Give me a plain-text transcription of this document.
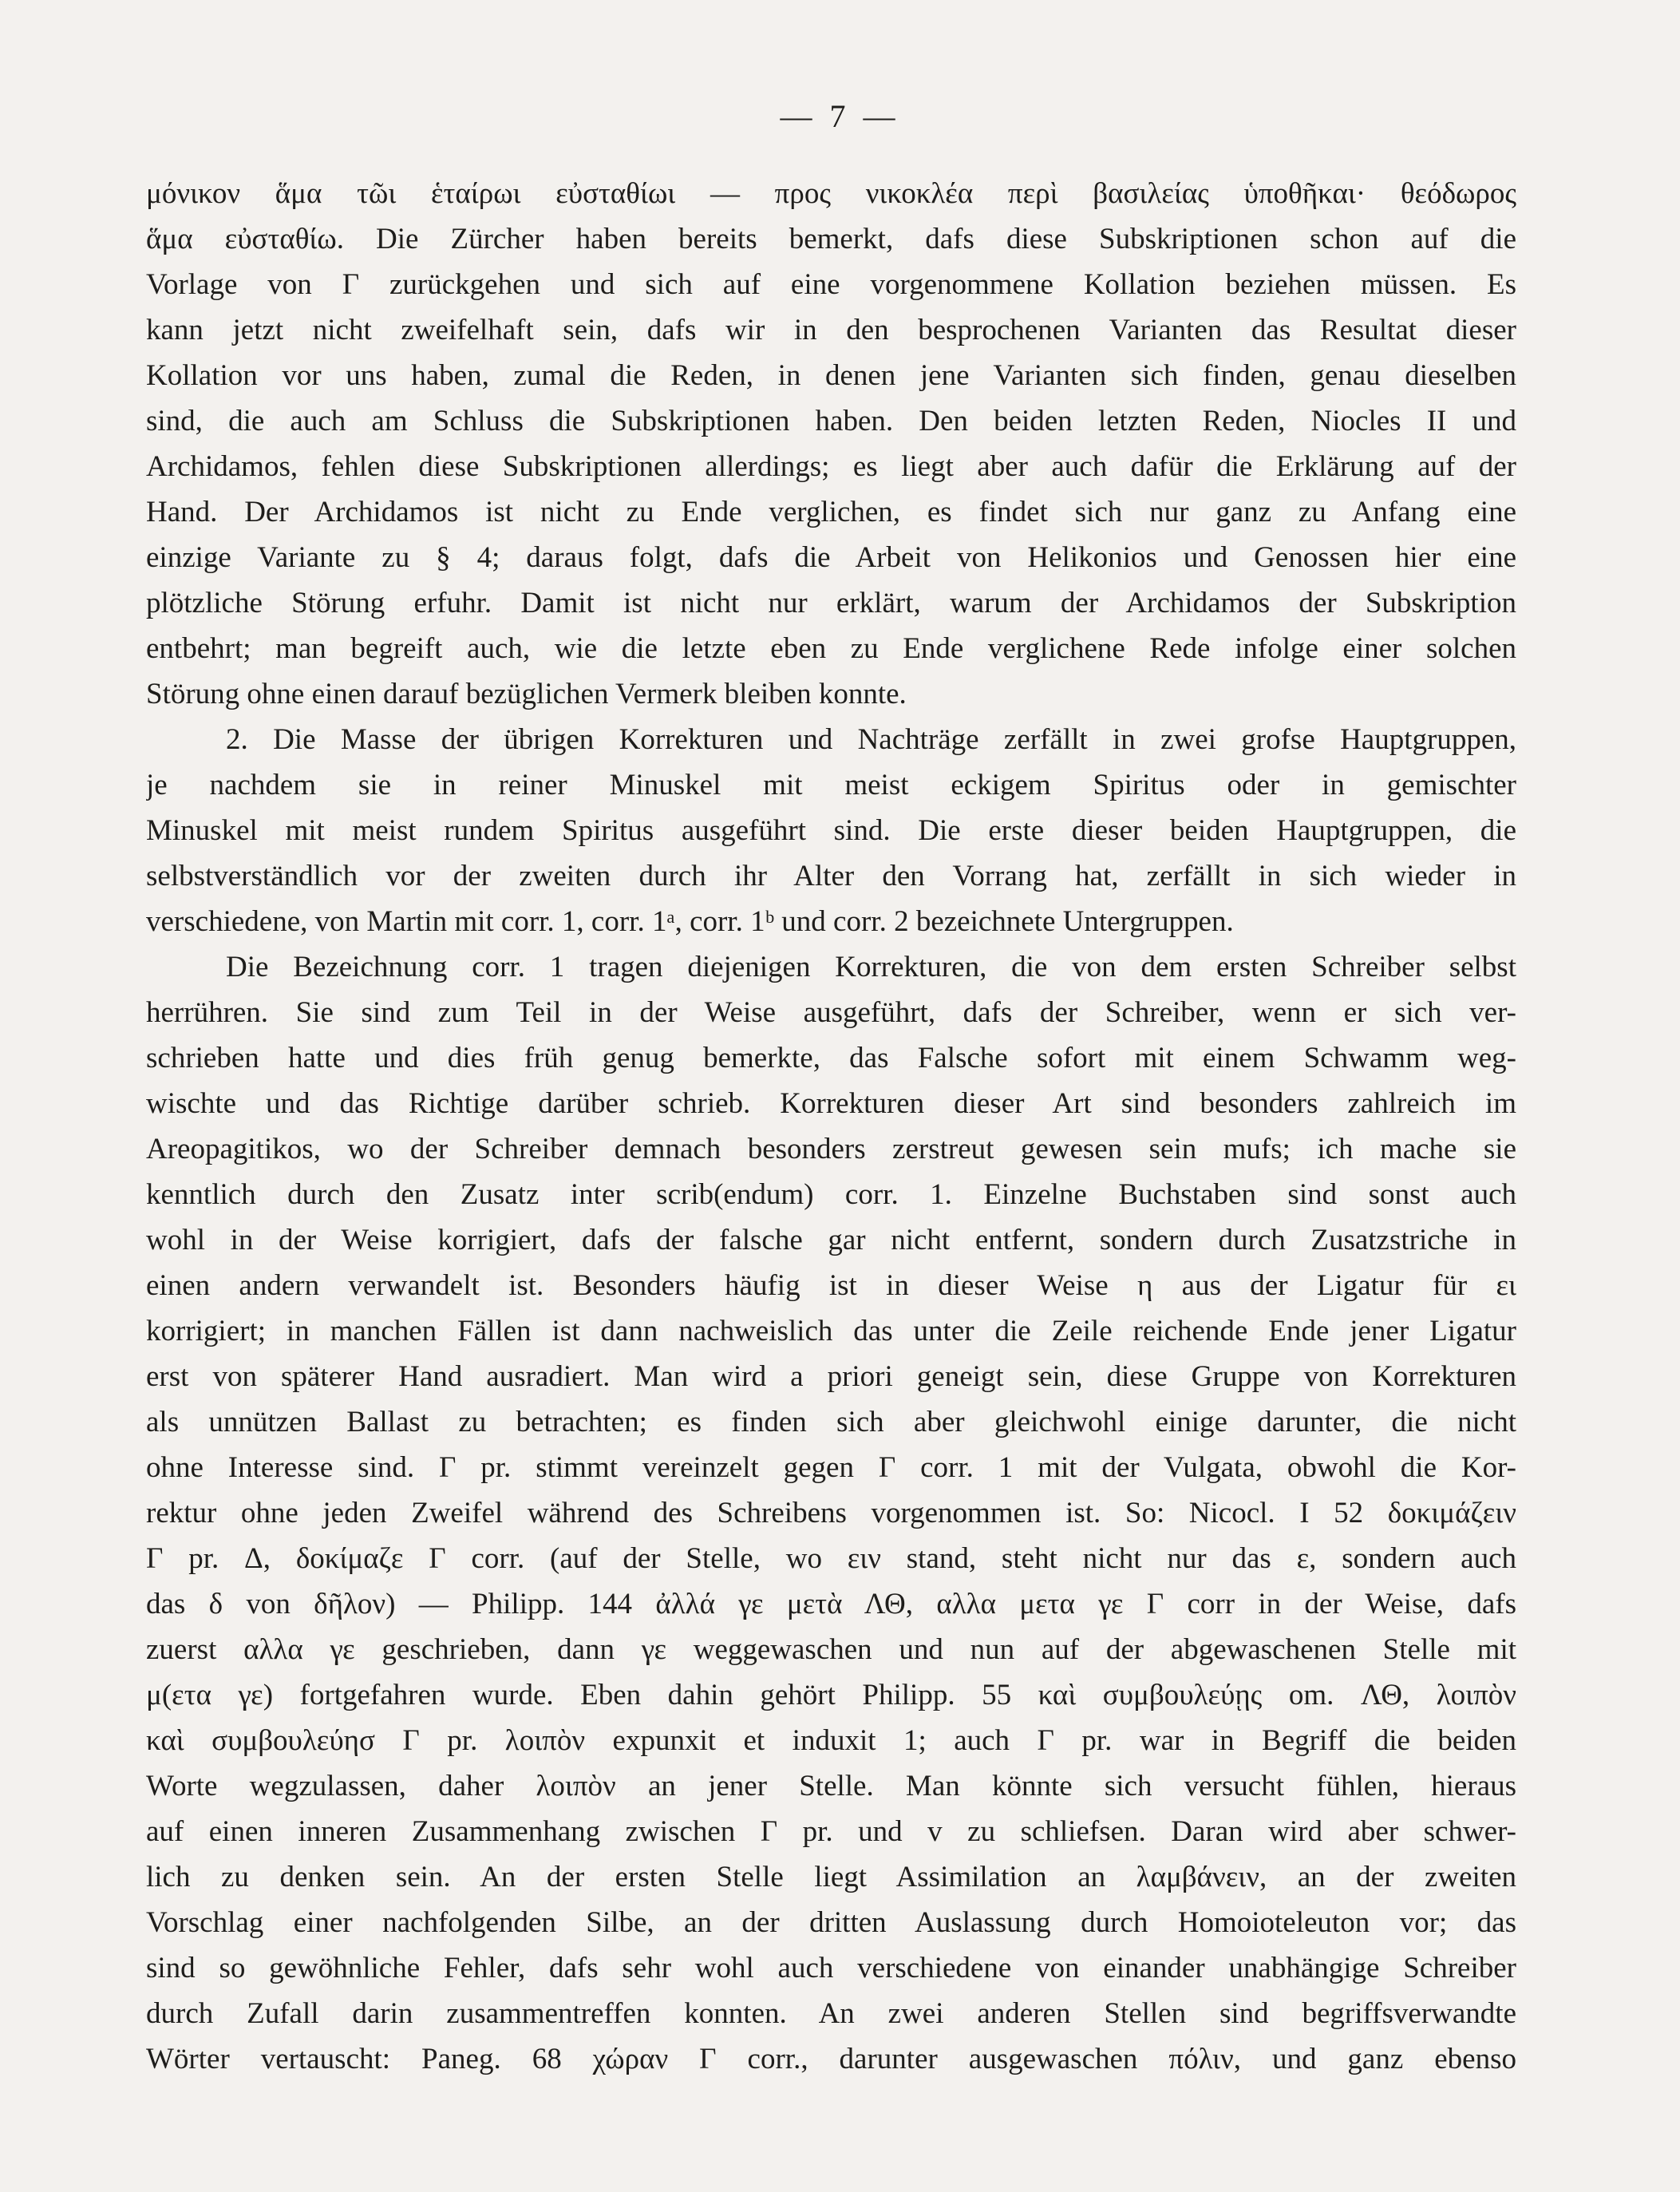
— 7 —
μόνικον ἅμα τῶι ἑταίρωι εὐσταθίωι — προς νικοκλέα περὶ βασιλείας ὑποθῆκαι· θεόδωρος
ἅμα εὐσταθίω. Die Zürcher haben bereits bemerkt, dafs diese Subskriptionen schon auf die
Vorlage von Γ zurückgehen und sich auf eine vorgenommene Kollation beziehen müssen. Es
kann jetzt nicht zweifelhaft sein, dafs wir in den besprochenen Varianten das Resultat dieser
Kollation vor uns haben, zumal die Reden, in denen jene Varianten sich finden, genau dieselben
sind, die auch am Schluss die Subskriptionen haben. Den beiden letzten Reden, Niocles II und
Archidamos, fehlen diese Subskriptionen allerdings; es liegt aber auch dafür die Erklärung auf der
Hand. Der Archidamos ist nicht zu Ende verglichen, es findet sich nur ganz zu Anfang eine
einzige Variante zu § 4; daraus folgt, dafs die Arbeit von Helikonios und Genossen hier eine
plötzliche Störung erfuhr. Damit ist nicht nur erklärt, warum der Archidamos der Subskription
entbehrt; man begreift auch, wie die letzte eben zu Ende verglichene Rede infolge einer solchen
Störung ohne einen darauf bezüglichen Vermerk bleiben konnte.
2. Die Masse der übrigen Korrekturen und Nachträge zerfällt in zwei grofse Hauptgruppen,
je nachdem sie in reiner Minuskel mit meist eckigem Spiritus oder in gemischter
Minuskel mit meist rundem Spiritus ausgeführt sind. Die erste dieser beiden Hauptgruppen, die
selbstverständlich vor der zweiten durch ihr Alter den Vorrang hat, zerfällt in sich wieder in
verschiedene, von Martin mit corr. 1, corr. 1ᵃ, corr. 1ᵇ und corr. 2 bezeichnete Untergruppen.
Die Bezeichnung corr. 1 tragen diejenigen Korrekturen, die von dem ersten Schreiber selbst
herrühren. Sie sind zum Teil in der Weise ausgeführt, dafs der Schreiber, wenn er sich ver-
schrieben hatte und dies früh genug bemerkte, das Falsche sofort mit einem Schwamm weg-
wischte und das Richtige darüber schrieb. Korrekturen dieser Art sind besonders zahlreich im
Areopagitikos, wo der Schreiber demnach besonders zerstreut gewesen sein mufs; ich mache sie
kenntlich durch den Zusatz inter scrib(endum) corr. 1. Einzelne Buchstaben sind sonst auch
wohl in der Weise korrigiert, dafs der falsche gar nicht entfernt, sondern durch Zusatzstriche in
einen andern verwandelt ist. Besonders häufig ist in dieser Weise η aus der Ligatur für ει
korrigiert; in manchen Fällen ist dann nachweislich das unter die Zeile reichende Ende jener Ligatur
erst von späterer Hand ausradiert. Man wird a priori geneigt sein, diese Gruppe von Korrekturen
als unnützen Ballast zu betrachten; es finden sich aber gleichwohl einige darunter, die nicht
ohne Interesse sind. Γ pr. stimmt vereinzelt gegen Γ corr. 1 mit der Vulgata, obwohl die Kor-
rektur ohne jeden Zweifel während des Schreibens vorgenommen ist. So: Nicocl. I 52 δοκιμάζειν
Γ pr. Δ, δοκίμαζε Γ corr. (auf der Stelle, wo ειν stand, steht nicht nur das ε, sondern auch
das δ von δῆλον) — Philipp. 144 ἀλλά γε μετὰ ΛΘ, αλλα μετα γε Γ corr in der Weise, dafs
zuerst αλλα γε geschrieben, dann γε weggewaschen und nun auf der abgewaschenen Stelle mit
μ(ετα γε) fortgefahren wurde. Eben dahin gehört Philipp. 55 καὶ συμβουλεύῃς om. ΛΘ, λοιπὸν
καὶ συμβουλεύησ Γ pr. λοιπὸν expunxit et induxit 1; auch Γ pr. war in Begriff die beiden
Worte wegzulassen, daher λοιπὸν an jener Stelle. Man könnte sich versucht fühlen, hieraus
auf einen inneren Zusammenhang zwischen Γ pr. und v zu schliefsen. Daran wird aber schwer-
lich zu denken sein. An der ersten Stelle liegt Assimilation an λαμβάνειν, an der zweiten
Vorschlag einer nachfolgenden Silbe, an der dritten Auslassung durch Homoioteleuton vor; das
sind so gewöhnliche Fehler, dafs sehr wohl auch verschiedene von einander unabhängige Schreiber
durch Zufall darin zusammentreffen konnten. An zwei anderen Stellen sind begriffsverwandte
Wörter vertauscht: Paneg. 68 χώραν Γ corr., darunter ausgewaschen πόλιν, und ganz ebenso
